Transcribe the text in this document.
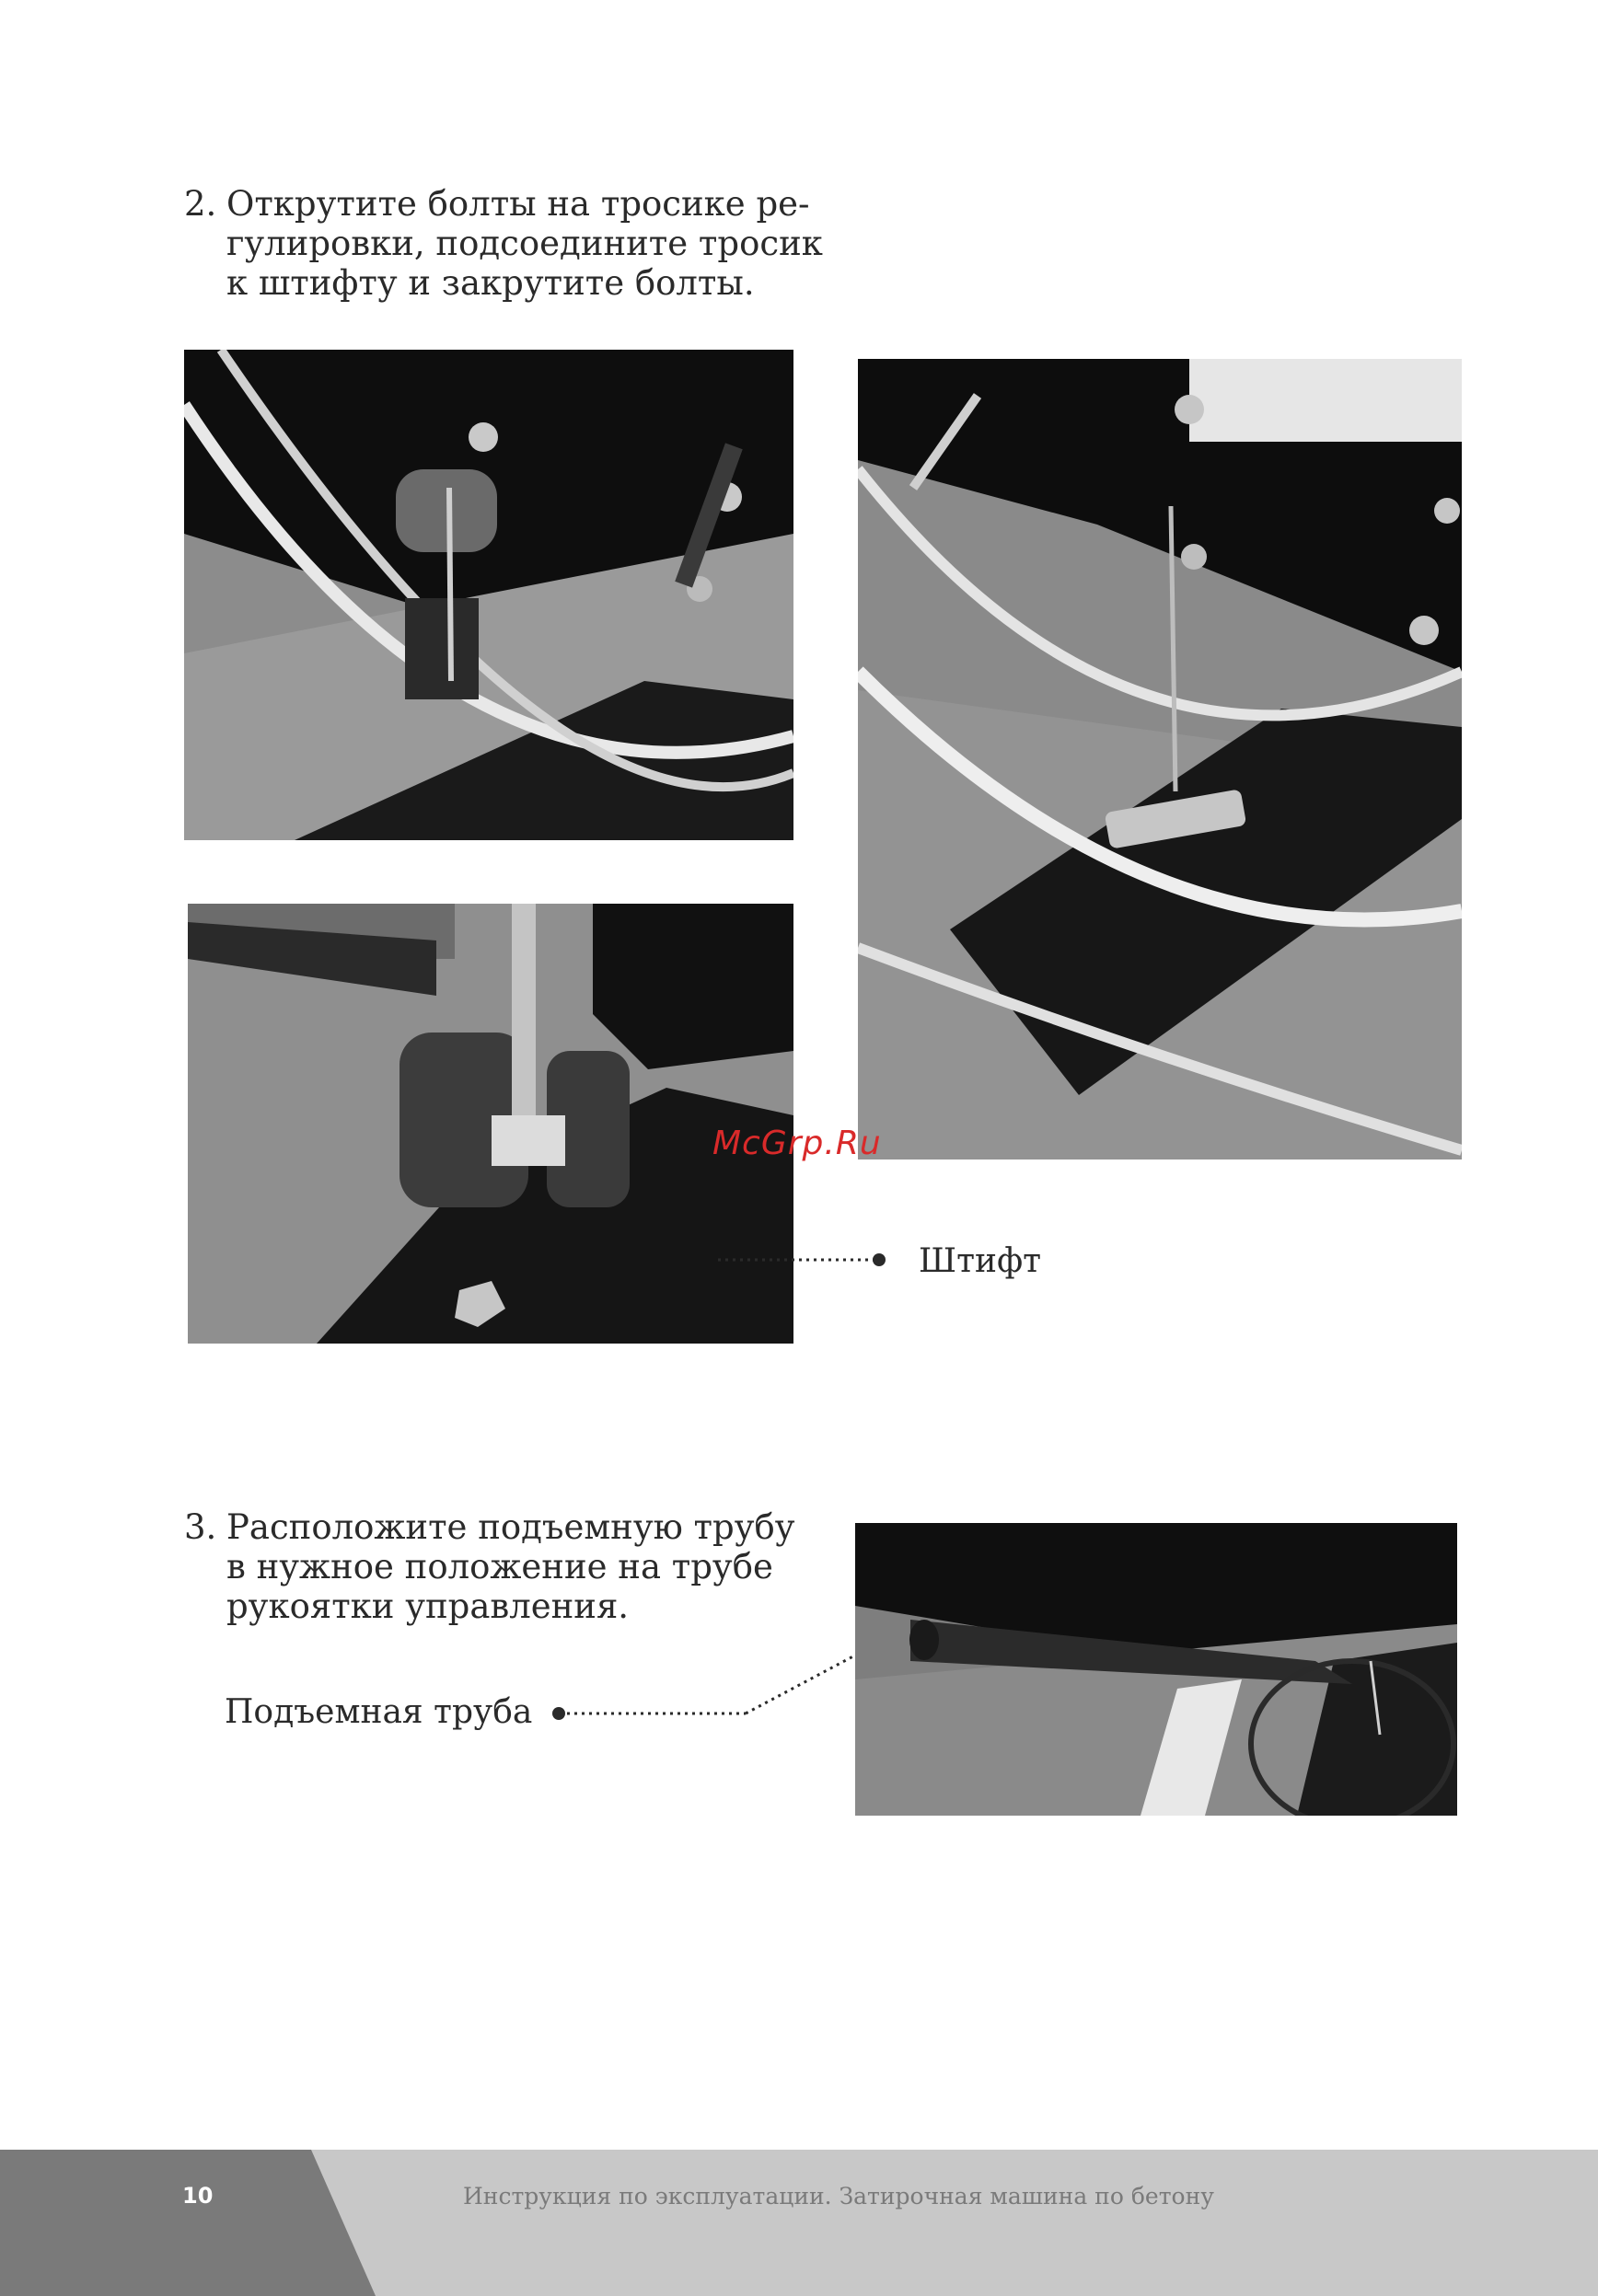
2. Открутите болты на тросике ре-
гулировки, подсоедините тросик
к штифту и закрутите болты.
McGrp.Ru
Штифт
3. Расположите подъемную трубу
в нужное положение на трубе
рукоятки управления.
Подъемная труба
10	Инструкция по эксплуатации. Затирочная машина по бетону
